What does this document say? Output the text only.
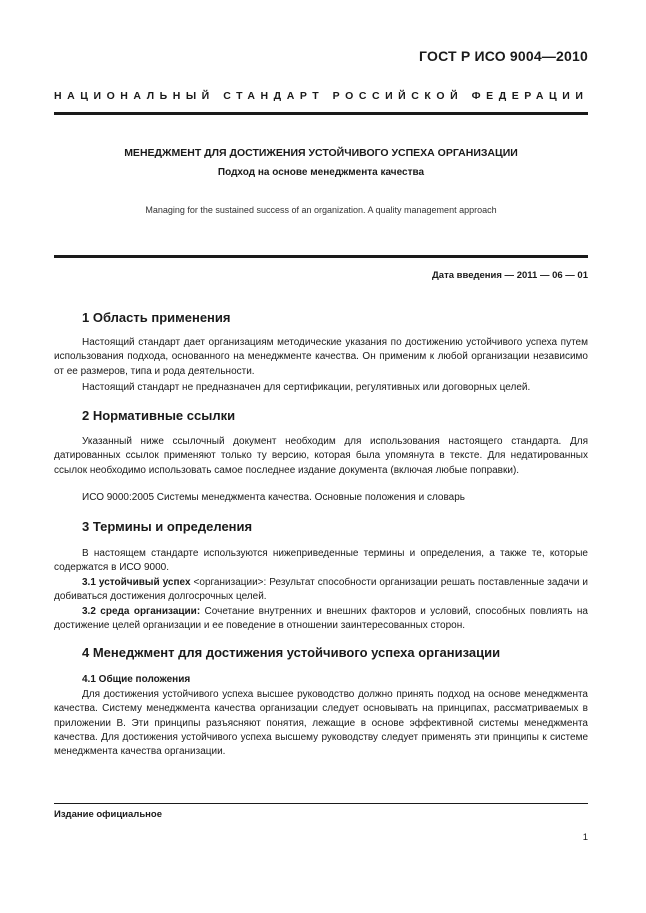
ГОСТ Р ИСО 9004—2010
НАЦИОНАЛЬНЫЙ СТАНДАРТ РОССИЙСКОЙ ФЕДЕРАЦИИ
МЕНЕДЖМЕНТ ДЛЯ ДОСТИЖЕНИЯ УСТОЙЧИВОГО УСПЕХА ОРГАНИЗАЦИИ
Подход на основе менеджмента качества
Managing for the sustained success of an organization. A quality management approach
Дата введения — 2011 — 06 — 01
1 Область применения
Настоящий стандарт дает организациям методические указания по достижению устойчивого успеха путем использования подхода, основанного на менеджменте качества. Он применим к любой организации независимо от ее размеров, типа и рода деятельности.
Настоящий стандарт не предназначен для сертификации, регулятивных или договорных целей.
2 Нормативные ссылки
Указанный ниже ссылочный документ необходим для использования настоящего стандарта. Для датированных ссылок применяют только ту версию, которая была упомянута в тексте. Для недатированных ссылок необходимо использовать самое последнее издание документа (включая любые поправки).
ИСО 9000:2005 Системы менеджмента качества. Основные положения и словарь
3 Термины и определения
В настоящем стандарте используются нижеприведенные термины и определения, а также те, которые содержатся в ИСО 9000.
3.1 устойчивый успех <организации>: Результат способности организации решать поставленные задачи и добиваться достижения долгосрочных целей.
3.2 среда организации: Сочетание внутренних и внешних факторов и условий, способных повлиять на достижение целей организации и ее поведение в отношении заинтересованных сторон.
4 Менеджмент для достижения устойчивого успеха организации
4.1 Общие положения
Для достижения устойчивого успеха высшее руководство должно принять подход на основе менеджмента качества. Систему менеджмента качества организации следует основывать на принципах, рассматриваемых в приложении В. Эти принципы разъясняют понятия, лежащие в основе эффективной системы менеджмента качества. Для достижения устойчивого успеха высшему руководству следует применять эти принципы к системе менеджмента качества организации.
Издание официальное
1
